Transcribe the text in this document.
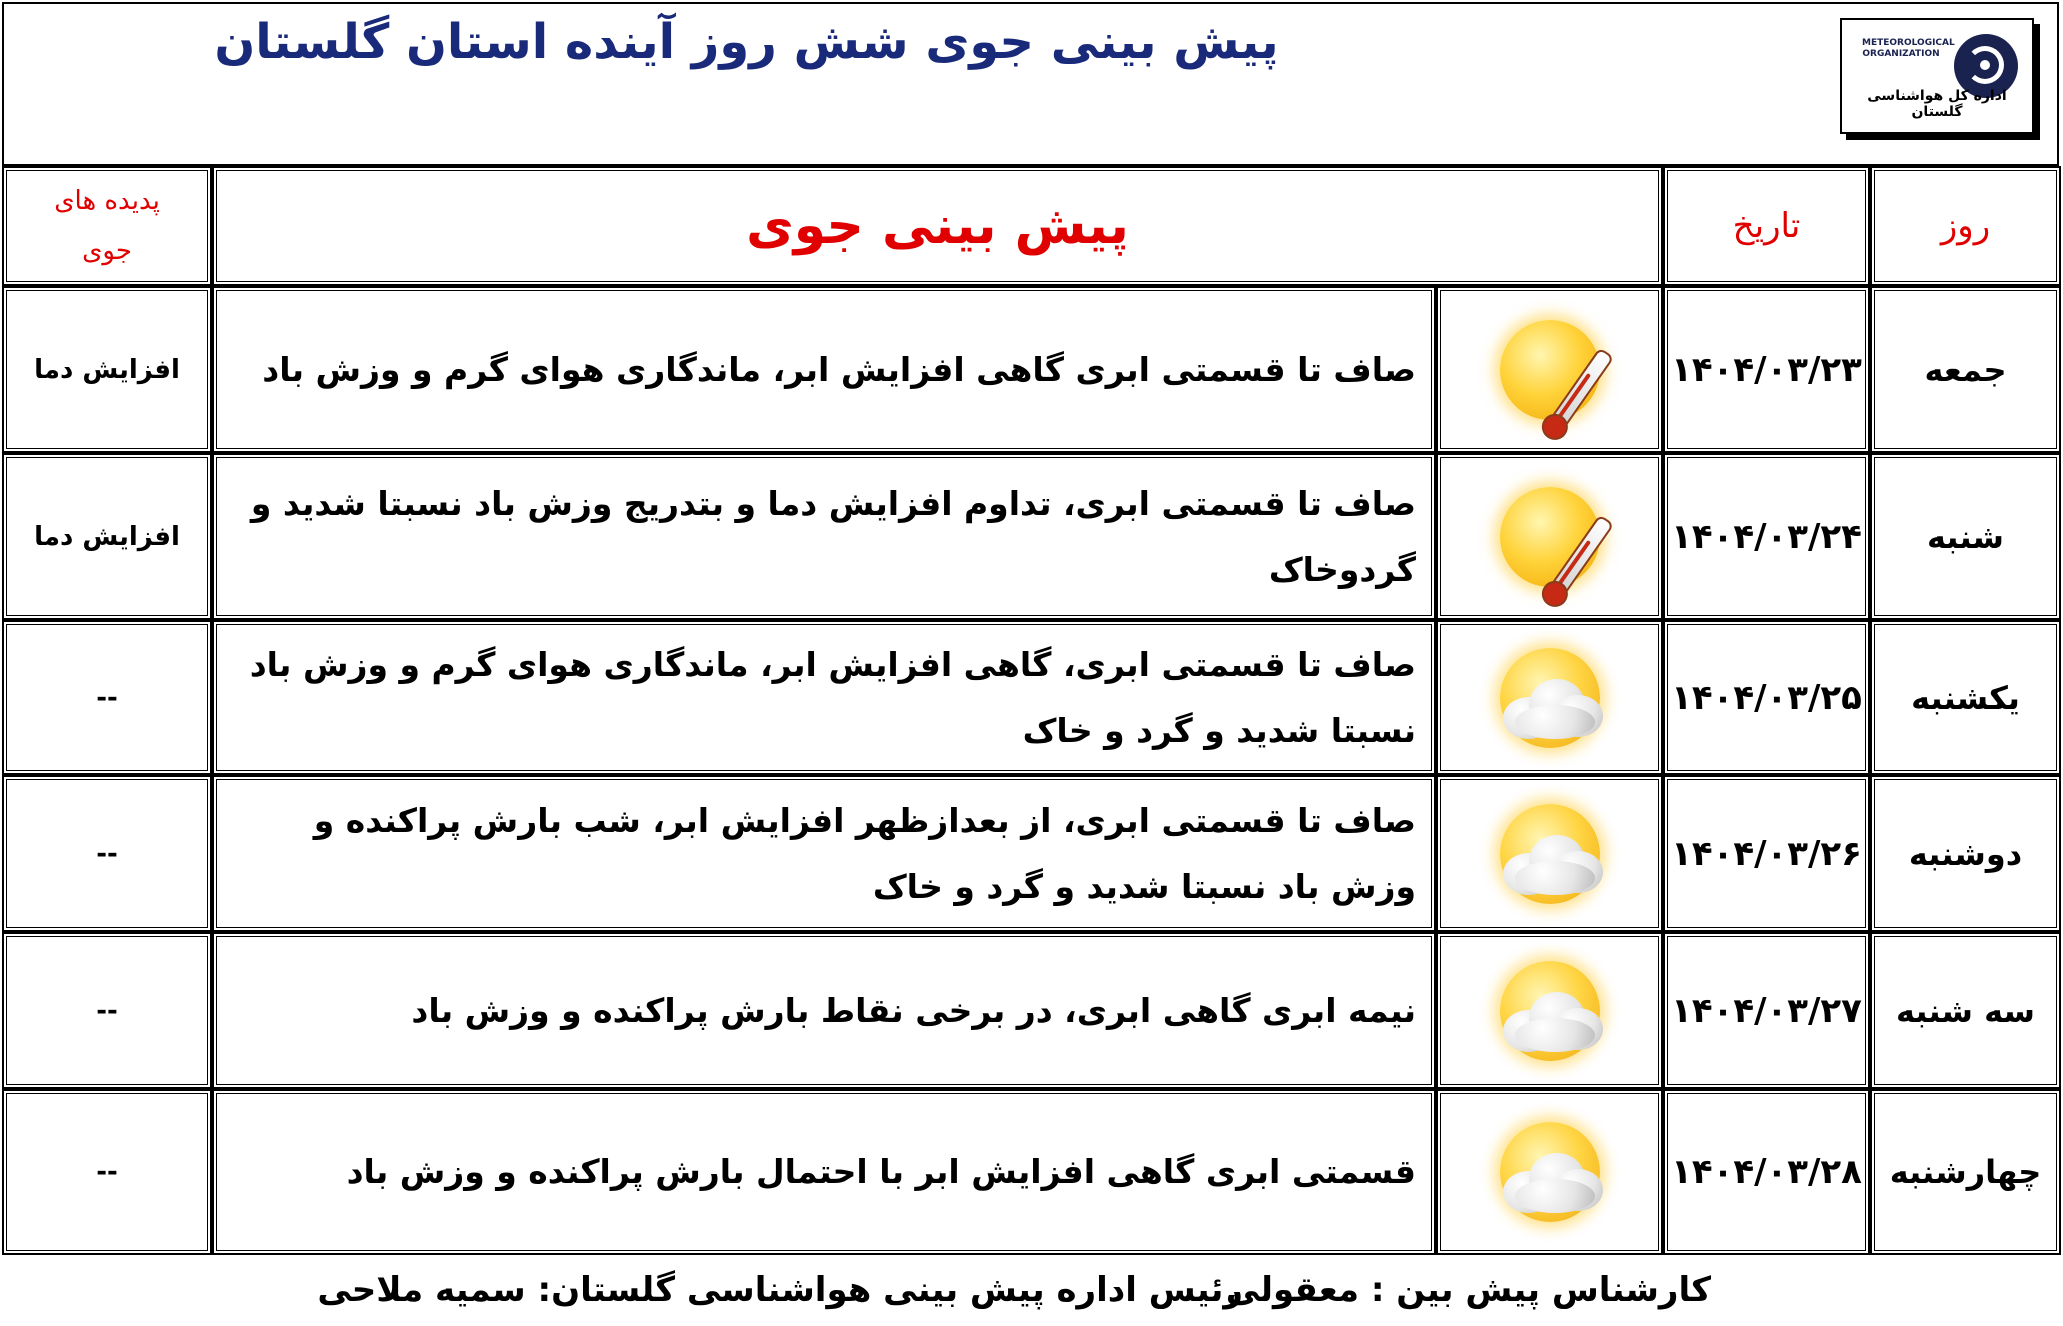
پیش بینی جوی شش روز آینده استان گلستان	METEOROLOGICAL ORGANIZATION
اداره کل هواشناسی گلستان
روز
تاریخ
پیش بینی جوی
پدیده های
جوی
جمعه
۱۴۰۴/۰۳/۲۳
صاف تا قسمتی ابری گاهی افزایش ابر، ماندگاری هوای گرم و وزش باد
افزایش دما
شنبه
۱۴۰۴/۰۳/۲۴
صاف تا قسمتی ابری، تداوم افزایش دما و بتدریج وزش باد نسبتا شدید و گردوخاک
افزایش دما
یکشنبه
۱۴۰۴/۰۳/۲۵
صاف تا قسمتی ابری، گاهی افزایش ابر، ماندگاری هوای گرم و وزش باد نسبتا شدید و گرد و خاک
--
دوشنبه
۱۴۰۴/۰۳/۲۶
صاف تا قسمتی ابری، از بعدازظهر افزایش ابر، شب بارش پراکنده و وزش باد نسبتا شدید و گرد و خاک
--
سه شنبه
۱۴۰۴/۰۳/۲۷
نیمه ابری گاهی ابری، در برخی نقاط بارش پراکنده و وزش باد
--
چهارشنبه
۱۴۰۴/۰۳/۲۸
قسمتی ابری گاهی افزایش ابر با احتمال بارش پراکنده و وزش باد
--
کارشناس پیش بین : معقولی
رئیس اداره پیش بینی هواشناسی گلستان: سمیه ملاحی
